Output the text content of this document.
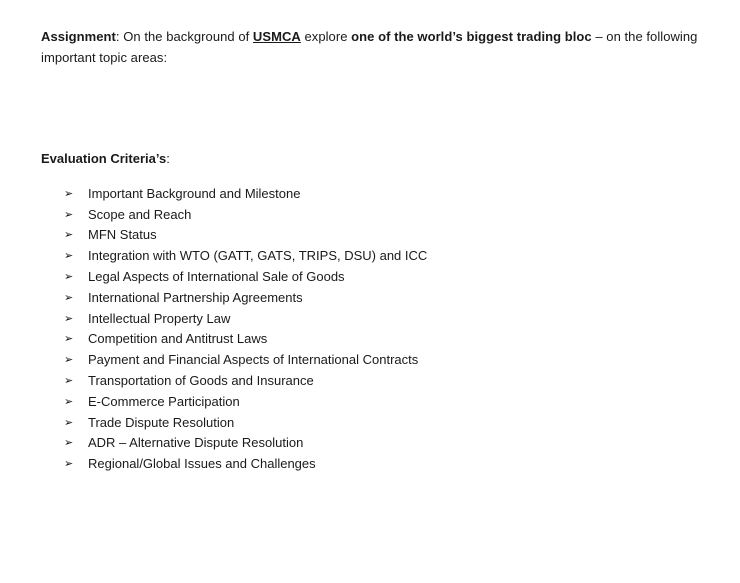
Assignment: On the background of USMCA explore one of the world’s biggest trading bloc – on the following important topic areas:
Evaluation Criteria’s:
➢	Important Background and Milestone
➢	Scope and Reach
➢	MFN Status
➢	Integration with WTO (GATT, GATS, TRIPS, DSU) and ICC
➢	Legal Aspects of International Sale of Goods
➢	International Partnership Agreements
➢	Intellectual Property Law
➢	Competition and Antitrust Laws
➢	Payment and Financial Aspects of International Contracts
➢	Transportation of Goods and Insurance
➢	E-Commerce Participation
➢	Trade Dispute Resolution
➢	ADR – Alternative Dispute Resolution
➢	Regional/Global Issues and Challenges
